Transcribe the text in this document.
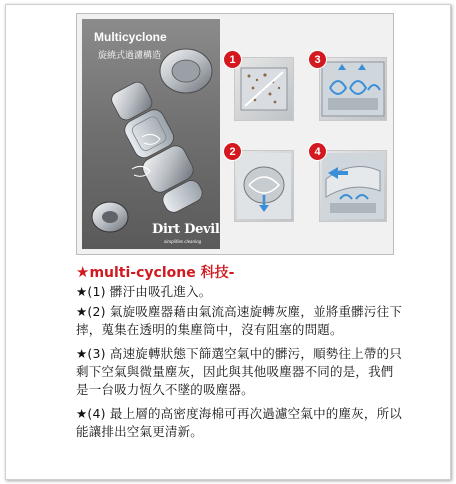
Multicyclone
旋繞式過濾構造
Dirt Devil
simplifies cleaning
1	3
2	4
★multi-cyclone 科技-

★(1) 髒汙由吸孔進入。

★(2) 氣旋吸塵器藉由氣流高速旋轉灰塵，並將重髒污往下摔，蒐集在透明的集塵筒中，沒有阻塞的問題。

★(3) 高速旋轉狀態下篩選空氣中的髒污，順勢往上帶的只剩下空氣與微量塵灰，因此與其他吸塵器不同的是，我們是一台吸力恆久不墜的吸塵器。

★(4) 最上層的高密度海棉可再次過濾空氣中的塵灰，所以能讓排出空氣更清新。
